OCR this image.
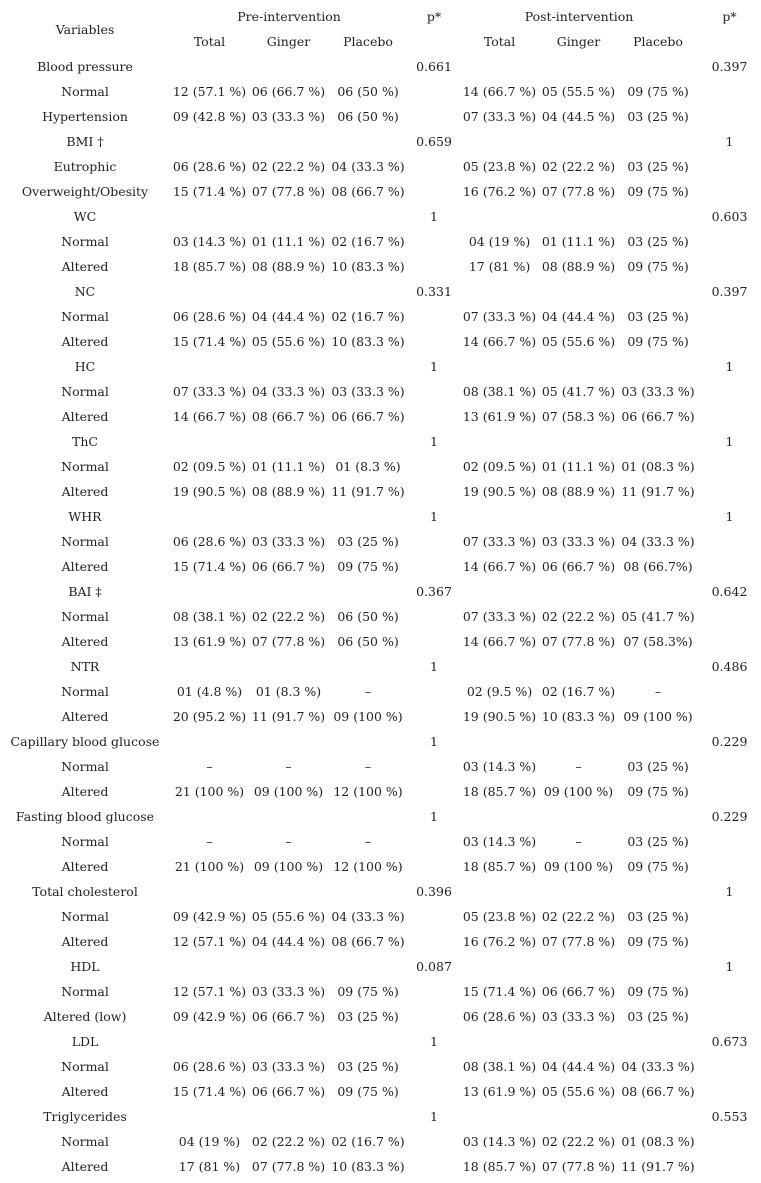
Variables	Pre-intervention			p*	Post-intervention			p*
	Total	Ginger	Placebo		Total	Ginger	Placebo	
Blood pressure				0.661				0.397
Normal	12 (57.1 %)	06 (66.7 %)	06 (50 %)		14 (66.7 %)	05 (55.5 %)	09 (75 %)	
Hypertension	09 (42.8 %)	03 (33.3 %)	06 (50 %)		07 (33.3 %)	04 (44.5 %)	03 (25 %)	
BMI †				0.659				1
Eutrophic	06 (28.6 %)	02 (22.2 %)	04 (33.3 %)		05 (23.8 %)	02 (22.2 %)	03 (25 %)	
Overweight/Obesity	15 (71.4 %)	07 (77.8 %)	08 (66.7 %)		16 (76.2 %)	07 (77.8 %)	09 (75 %)	
WC				1				0.603
Normal	03 (14.3 %)	01 (11.1 %)	02 (16.7 %)		04 (19 %)	01 (11.1 %)	03 (25 %)	
Altered	18 (85.7 %)	08 (88.9 %)	10 (83.3 %)		17 (81 %)	08 (88.9 %)	09 (75 %)	
NC				0.331				0.397
Normal	06 (28.6 %)	04 (44.4 %)	02 (16.7 %)		07 (33.3 %)	04 (44.4 %)	03 (25 %)	
Altered	15 (71.4 %)	05 (55.6 %)	10 (83.3 %)		14 (66.7 %)	05 (55.6 %)	09 (75 %)	
HC				1				1
Normal	07 (33.3 %)	04 (33.3 %)	03 (33.3 %)		08 (38.1 %)	05 (41.7 %)	03 (33.3 %)	
Altered	14 (66.7 %)	08 (66.7 %)	06 (66.7 %)		13 (61.9 %)	07 (58.3 %)	06 (66.7 %)	
ThC				1				1
Normal	02 (09.5 %)	01 (11.1 %)	01 (8.3 %)		02 (09.5 %)	01 (11.1 %)	01 (08.3 %)	
Altered	19 (90.5 %)	08 (88.9 %)	11 (91.7 %)		19 (90.5 %)	08 (88.9 %)	11 (91.7 %)	
WHR				1				1
Normal	06 (28.6 %)	03 (33.3 %)	03 (25 %)		07 (33.3 %)	03 (33.3 %)	04 (33.3 %)	
Altered	15 (71.4 %)	06 (66.7 %)	09 (75 %)		14 (66.7 %)	06 (66.7 %)	08 (66.7%)	
BAI ‡				0.367				0.642
Normal	08 (38.1 %)	02 (22.2 %)	06 (50 %)		07 (33.3 %)	02 (22.2 %)	05 (41.7 %)	
Altered	13 (61.9 %)	07 (77.8 %)	06 (50 %)		14 (66.7 %)	07 (77.8 %)	07 (58.3%)	
NTR				1				0.486
Normal	01 (4.8 %)	01 (8.3 %)	–		02 (9.5 %)	02 (16.7 %)	–	
Altered	20 (95.2 %)	11 (91.7 %)	09 (100 %)		19 (90.5 %)	10 (83.3 %)	09 (100 %)	
Capillary blood glucose				1				0.229
Normal	–	–	–		03 (14.3 %)	–	03 (25 %)	
Altered	21 (100 %)	09 (100 %)	12 (100 %)		18 (85.7 %)	09 (100 %)	09 (75 %)	
Fasting blood glucose				1				0.229
Normal	–	–	–		03 (14.3 %)	–	03 (25 %)	
Altered	21 (100 %)	09 (100 %)	12 (100 %)		18 (85.7 %)	09 (100 %)	09 (75 %)	
Total cholesterol				0.396				1
Normal	09 (42.9 %)	05 (55.6 %)	04 (33.3 %)		05 (23.8 %)	02 (22.2 %)	03 (25 %)	
Altered	12 (57.1 %)	04 (44.4 %)	08 (66.7 %)		16 (76.2 %)	07 (77.8 %)	09 (75 %)	
HDL				0.087				1
Normal	12 (57.1 %)	03 (33.3 %)	09 (75 %)		15 (71.4 %)	06 (66.7 %)	09 (75 %)	
Altered (low)	09 (42.9 %)	06 (66.7 %)	03 (25 %)		06 (28.6 %)	03 (33.3 %)	03 (25 %)	
LDL				1				0.673
Normal	06 (28.6 %)	03 (33.3 %)	03 (25 %)		08 (38.1 %)	04 (44.4 %)	04 (33.3 %)	
Altered	15 (71.4 %)	06 (66.7 %)	09 (75 %)		13 (61.9 %)	05 (55.6 %)	08 (66.7 %)	
Triglycerides				1				0.553
Normal	04 (19 %)	02 (22.2 %)	02 (16.7 %)		03 (14.3 %)	02 (22.2 %)	01 (08.3 %)	
Altered	17 (81 %)	07 (77.8 %)	10 (83.3 %)		18 (85.7 %)	07 (77.8 %)	11 (91.7 %)	
